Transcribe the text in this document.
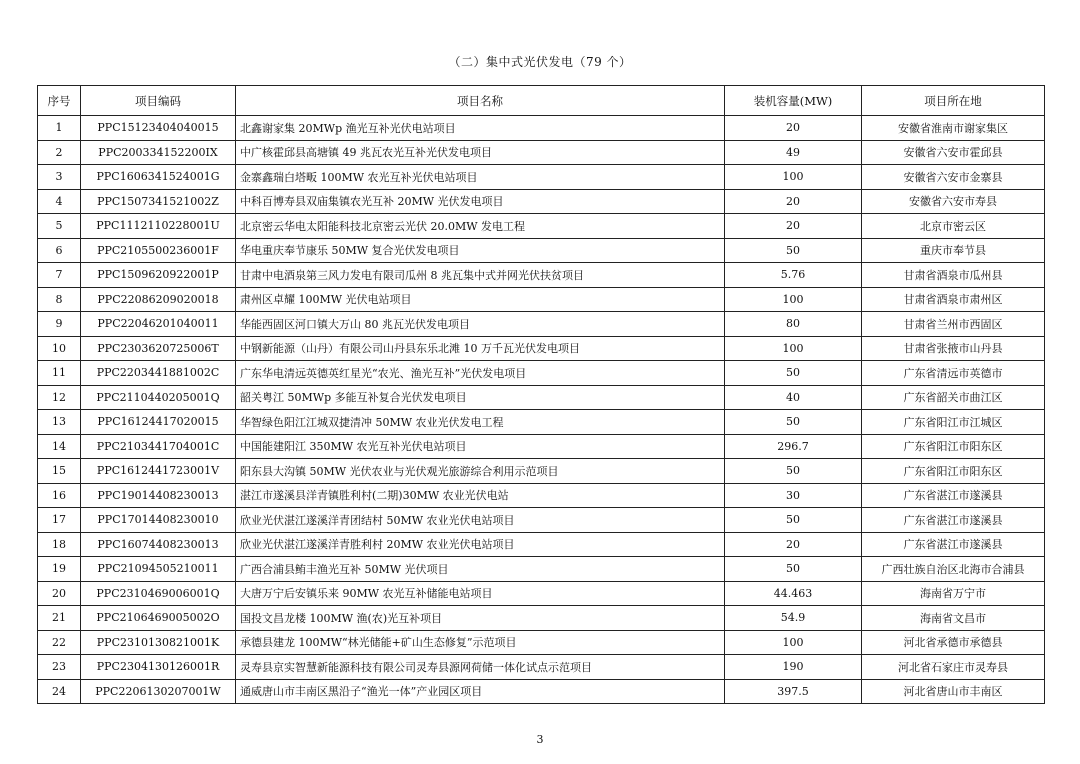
（二）集中式光伏发电（79 个）
序号	项目编码	项目名称	装机容量(MW)	项目所在地
1	PPC15123404040015	北鑫谢家集 20MWp 渔光互补光伏电站项目	20	安徽省淮南市谢家集区
2	PPC200334152200IX	中广核霍邱县高塘镇 49 兆瓦农光互补光伏发电项目	49	安徽省六安市霍邱县
3	PPC1606341524001G	金寨鑫瑞白塔畈 100MW 农光互补光伏电站项目	100	安徽省六安市金寨县
4	PPC1507341521002Z	中科百博寿县双庙集镇农光互补 20MW 光伏发电项目	20	安徽省六安市寿县
5	PPC1112110228001U	北京密云华电太阳能科技北京密云光伏 20.0MW 发电工程	20	北京市密云区
6	PPC2105500236001F	华电重庆奉节康乐 50MW 复合光伏发电项目	50	重庆市奉节县
7	PPC1509620922001P	甘肃中电酒泉第三风力发电有限司瓜州 8 兆瓦集中式并网光伏扶贫项目	5.76	甘肃省酒泉市瓜州县
8	PPC22086209020018	肃州区卓耀 100MW 光伏电站项目	100	甘肃省酒泉市肃州区
9	PPC22046201040011	华能西固区河口镇大万山 80 兆瓦光伏发电项目	80	甘肃省兰州市西固区
10	PPC2303620725006T	中钢新能源（山丹）有限公司山丹县东乐北滩 10 万千瓦光伏发电项目	100	甘肃省张掖市山丹县
11	PPC2203441881002C	广东华电清远英德英红星光“农光、渔光互补”光伏发电项目	50	广东省清远市英德市
12	PPC2110440205001Q	韶关粤江 50MWp 多能互补复合光伏发电项目	40	广东省韶关市曲江区
13	PPC16124417020015	华智绿色阳江江城双捷清冲 50MW 农业光伏发电工程	50	广东省阳江市江城区
14	PPC2103441704001C	中国能建阳江 350MW 农光互补光伏电站项目	296.7	广东省阳江市阳东区
15	PPC1612441723001V	阳东县大沟镇 50MW 光伏农业与光伏观光旅游综合利用示范项目	50	广东省阳江市阳东区
16	PPC19014408230013	湛江市遂溪县洋青镇胜利村(二期)30MW 农业光伏电站	30	广东省湛江市遂溪县
17	PPC17014408230010	欣业光伏湛江遂溪洋青团结村 50MW 农业光伏电站项目	50	广东省湛江市遂溪县
18	PPC16074408230013	欣业光伏湛江遂溪洋青胜利村 20MW 农业光伏电站项目	20	广东省湛江市遂溪县
19	PPC21094505210011	广西合浦县鲔丰渔光互补 50MW 光伏项目	50	广西壮族自治区北海市合浦县
20	PPC2310469006001Q	大唐万宁后安镇乐来 90MW 农光互补储能电站项目	44.463	海南省万宁市
21	PPC2106469005002O	国投文昌龙楼 100MW 渔(农)光互补项目	54.9	海南省文昌市
22	PPC2310130821001K	承德县建龙 100MW“林光储能+矿山生态修复”示范项目	100	河北省承德市承德县
23	PPC2304130126001R	灵寿县京实智慧新能源科技有限公司灵寿县源网荷储一体化试点示范项目	190	河北省石家庄市灵寿县
24	PPC2206130207001W	通威唐山市丰南区黑沿子“渔光一体”产业园区项目	397.5	河北省唐山市丰南区
3
